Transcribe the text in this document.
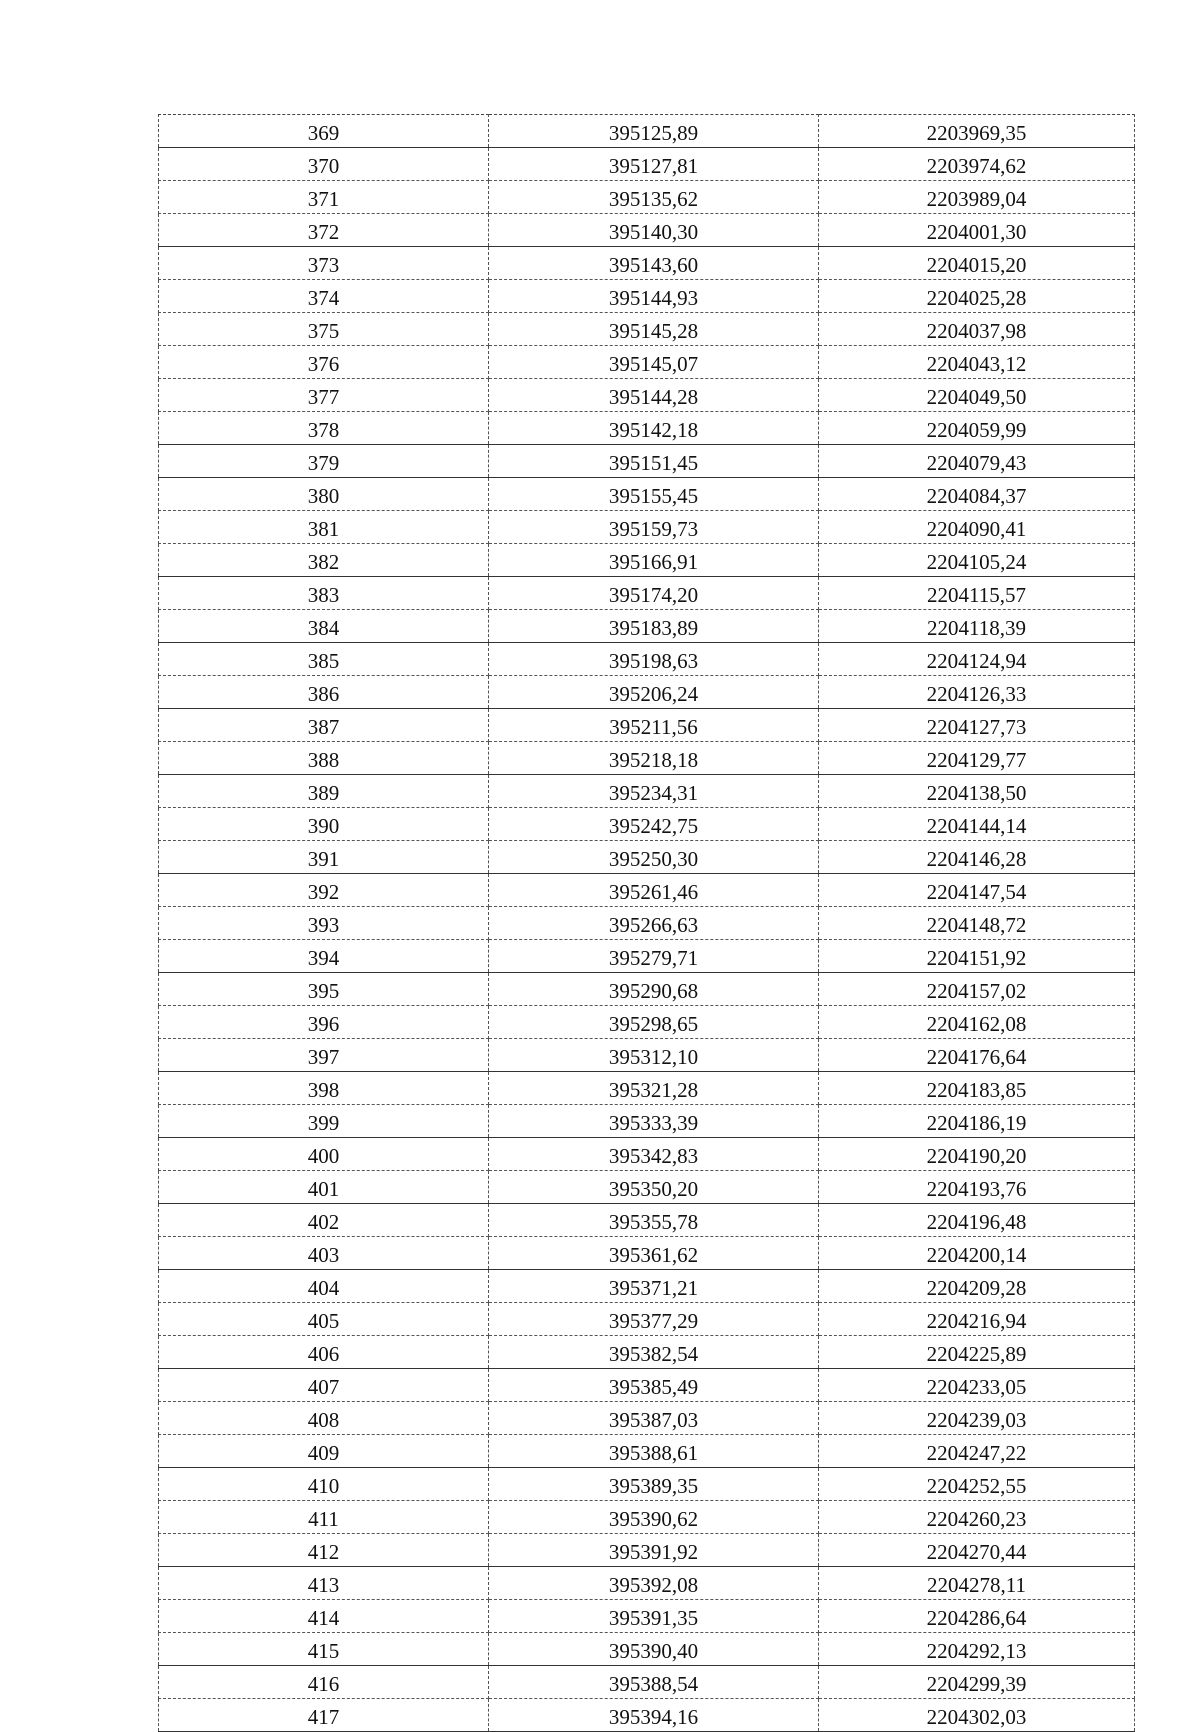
369	395125,89	2203969,35
370	395127,81	2203974,62
371	395135,62	2203989,04
372	395140,30	2204001,30
373	395143,60	2204015,20
374	395144,93	2204025,28
375	395145,28	2204037,98
376	395145,07	2204043,12
377	395144,28	2204049,50
378	395142,18	2204059,99
379	395151,45	2204079,43
380	395155,45	2204084,37
381	395159,73	2204090,41
382	395166,91	2204105,24
383	395174,20	2204115,57
384	395183,89	2204118,39
385	395198,63	2204124,94
386	395206,24	2204126,33
387	395211,56	2204127,73
388	395218,18	2204129,77
389	395234,31	2204138,50
390	395242,75	2204144,14
391	395250,30	2204146,28
392	395261,46	2204147,54
393	395266,63	2204148,72
394	395279,71	2204151,92
395	395290,68	2204157,02
396	395298,65	2204162,08
397	395312,10	2204176,64
398	395321,28	2204183,85
399	395333,39	2204186,19
400	395342,83	2204190,20
401	395350,20	2204193,76
402	395355,78	2204196,48
403	395361,62	2204200,14
404	395371,21	2204209,28
405	395377,29	2204216,94
406	395382,54	2204225,89
407	395385,49	2204233,05
408	395387,03	2204239,03
409	395388,61	2204247,22
410	395389,35	2204252,55
411	395390,62	2204260,23
412	395391,92	2204270,44
413	395392,08	2204278,11
414	395391,35	2204286,64
415	395390,40	2204292,13
416	395388,54	2204299,39
417	395394,16	2204302,03
